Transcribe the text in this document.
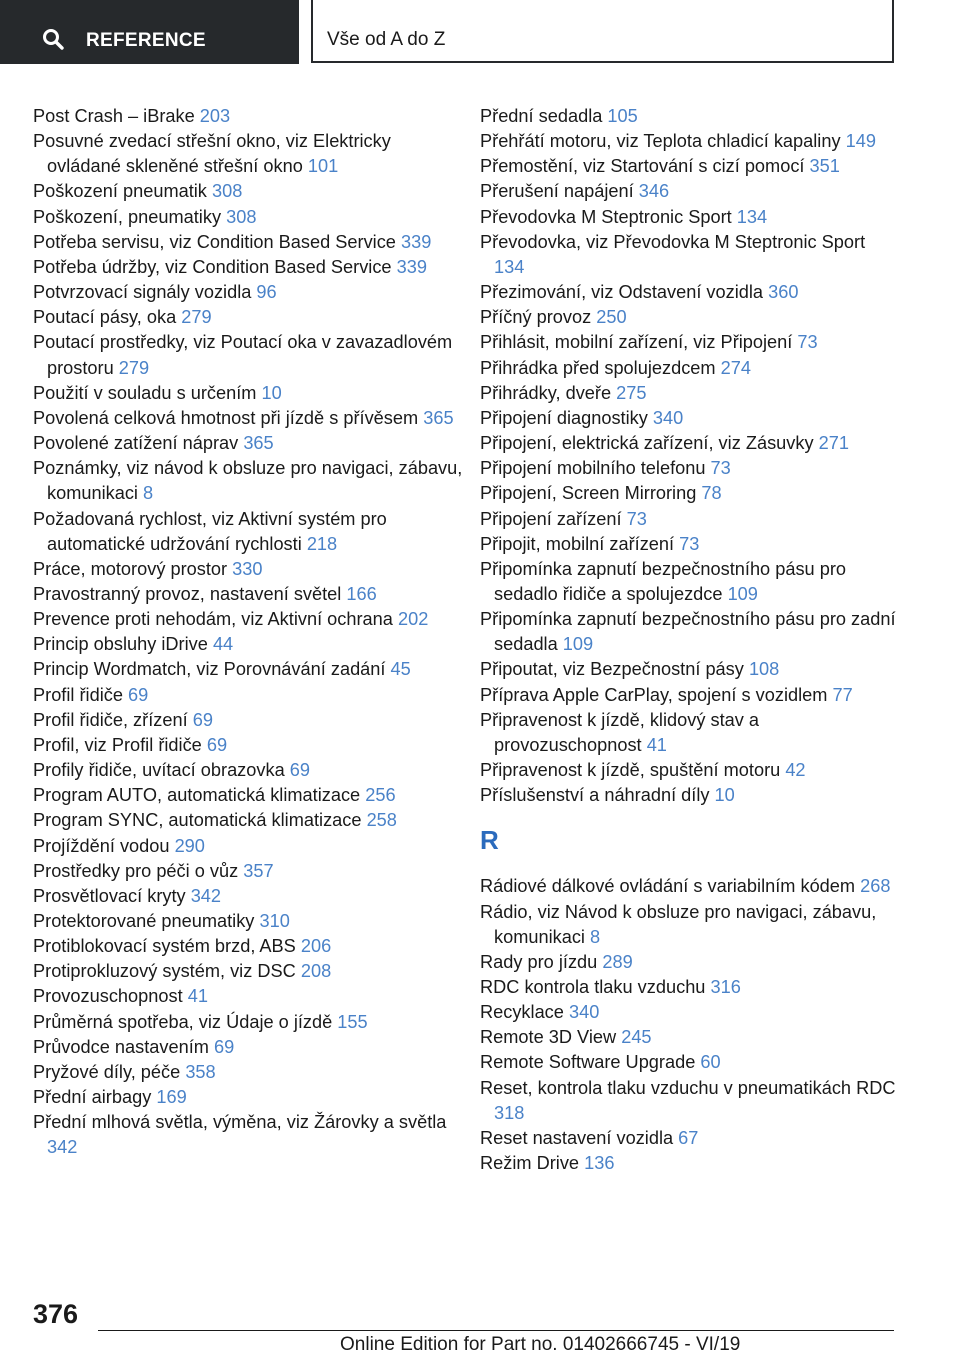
REFERENCE	Vše od A do Z

Post Crash – iBrake 203

Posuvné zvedací střešní okno, viz Elektricky ovládané skleněné střešní okno 101

Poškození pneumatik 308

Poškození, pneumatiky 308

Potřeba servisu, viz Condition Based Service 339

Potřeba údržby, viz Condition Based Service 339

Potvrzovací signály vozidla 96

Poutací pásy, oka 279

Poutací prostředky, viz Poutací oka v zavazadlovém prostoru 279

Použití v souladu s určením 10

Povolená celková hmotnost při jízdě s přívěsem 365

Povolené zatížení náprav 365

Poznámky, viz návod k obsluze pro navigaci, zábavu, komunikaci 8

Požadovaná rychlost, viz Aktivní systém pro automatické udržování rychlosti 218

Práce, motorový prostor 330

Pravostranný provoz, nastavení světel 166

Prevence proti nehodám, viz Aktivní ochrana 202

Princip obsluhy iDrive 44

Princip Wordmatch, viz Porovnávání zadání 45

Profil řidiče 69

Profil řidiče, zřízení 69

Profil, viz Profil řidiče 69

Profily řidiče, uvítací obrazovka 69

Program AUTO, automatická klimatizace 256

Program SYNC, automatická klimatizace 258

Projíždění vodou 290

Prostředky pro péči o vůz 357

Prosvětlovací kryty 342

Protektorované pneumatiky 310

Protiblokovací systém brzd, ABS 206

Protiprokluzový systém, viz DSC 208

Provozuschopnost 41

Průměrná spotřeba, viz Údaje o jízdě 155

Průvodce nastavením 69

Pryžové díly, péče 358

Přední airbagy 169

Přední mlhová světla, výměna, viz Žárovky a světla 342

Přední sedadla 105

Přehřátí motoru, viz Teplota chladicí kapaliny 149

Přemostění, viz Startování s cizí pomocí 351

Přerušení napájení 346

Převodovka M Steptronic Sport 134

Převodovka, viz Převodovka M Steptronic Sport 134

Přezimování, viz Odstavení vozidla 360

Příčný provoz 250

Přihlásit, mobilní zařízení, viz Připojení 73

Přihrádka před spolujezdcem 274

Přihrádky, dveře 275

Připojení diagnostiky 340

Připojení, elektrická zařízení, viz Zásuvky 271

Připojení mobilního telefonu 73

Připojení, Screen Mirroring 78

Připojení zařízení 73

Připojit, mobilní zařízení 73

Připomínka zapnutí bezpečnostního pásu pro sedadlo řidiče a spolujezdce 109

Připomínka zapnutí bezpečnostního pásu pro zadní sedadla 109

Připoutat, viz Bezpečnostní pásy 108

Příprava Apple CarPlay, spojení s vozidlem 77

Připravenost k jízdě, klidový stav a provozuschopnost 41

Připravenost k jízdě, spuštění motoru 42

Příslušenství a náhradní díly 10

R

Rádiové dálkové ovládání s variabilním kódem 268

Rádio, viz Návod k obsluze pro navigaci, zábavu, komunikaci 8

Rady pro jízdu 289

RDC kontrola tlaku vzduchu 316

Recyklace 340

Remote 3D View 245

Remote Software Upgrade 60

Reset, kontrola tlaku vzduchu v pneumatikách RDC 318

Reset nastavení vozidla 67

Režim Drive 136

376
Online Edition for Part no. 01402666745 - VI/19
